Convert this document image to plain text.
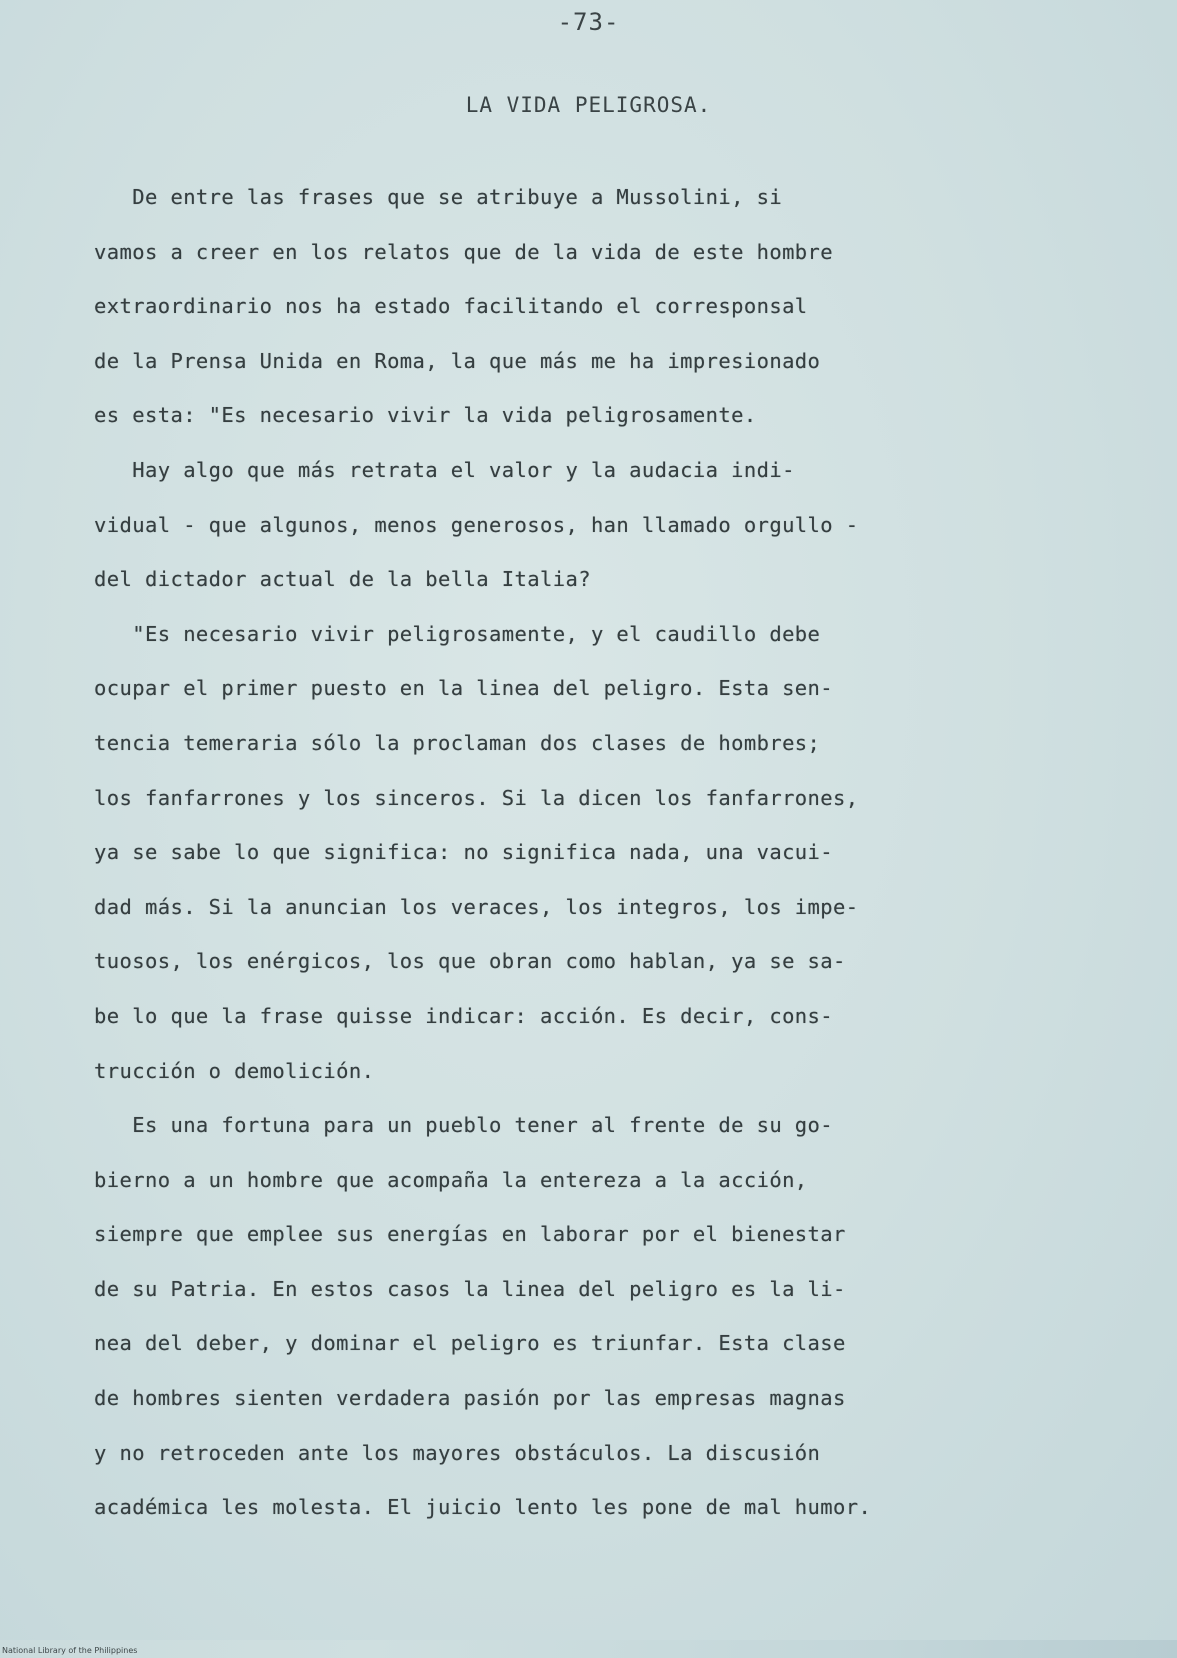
-73-
LA VIDA PELIGROSA.
De entre las frases que se atribuye a Mussolini, si
vamos a creer en los relatos que de la vida de este hombre
extraordinario nos ha estado facilitando el corresponsal
de la Prensa Unida en Roma, la que más me ha impresionado
es esta: "Es necesario vivir la vida peligrosamente.
Hay algo que más retrata el valor y la audacia indi-
vidual - que algunos, menos generosos, han llamado orgullo -
del dictador actual de la bella Italia?
"Es necesario vivir peligrosamente, y el caudillo debe
ocupar el primer puesto en la linea del peligro. Esta sen-
tencia temeraria sólo la proclaman dos clases de hombres;
los fanfarrones y los sinceros. Si la dicen los fanfarrones,
ya se sabe lo que significa: no significa nada, una vacui-
dad más. Si la anuncian los veraces, los integros, los impe-
tuosos, los enérgicos, los que obran como hablan, ya se sa-
be lo que la frase quisse indicar: acción. Es decir, cons-
trucción o demolición.
Es una fortuna para un pueblo tener al frente de su go-
bierno a un hombre que acompaña la entereza a la acción,
siempre que emplee sus energías en laborar por el bienestar
de su Patria. En estos casos la linea del peligro es la li-
nea del deber, y dominar el peligro es triunfar. Esta clase
de hombres sienten verdadera pasión por las empresas magnas
y no retroceden ante los mayores obstáculos. La discusión
académica les molesta. El juicio lento les pone de mal humor.
National Library of the Philippines
